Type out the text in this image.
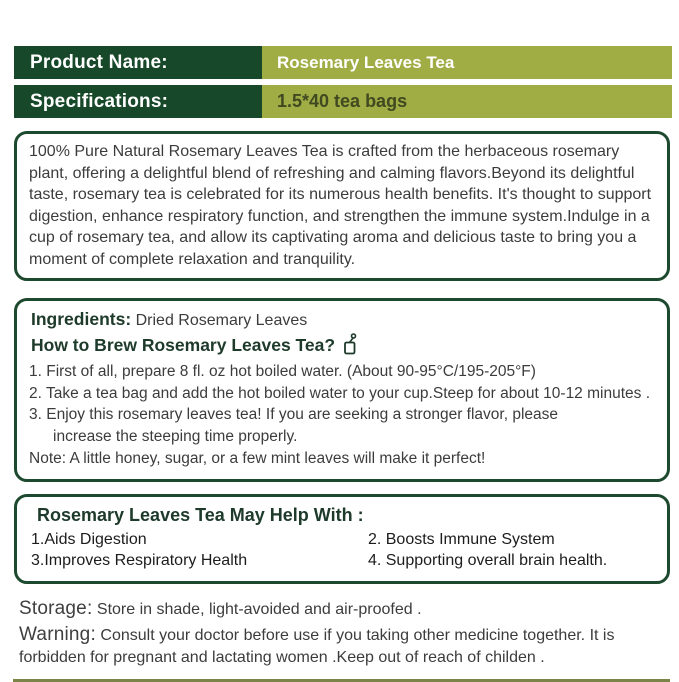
Product Name:	Rosemary Leaves Tea
Specifications:	1.5*40 tea bags

100% Pure Natural Rosemary Leaves Tea is crafted from the herbaceous rosemary plant, offering a delightful blend of refreshing and calming flavors.Beyond its delightful taste, rosemary tea is celebrated for its numerous health benefits. It's thought to support digestion, enhance respiratory function, and strengthen the immune system.Indulge in a cup of rosemary tea, and allow its captivating aroma and delicious taste to bring you a moment of complete relaxation and tranquility.

Ingredients: Dried Rosemary Leaves
How to Brew Rosemary Leaves Tea?
1. First of all, prepare 8 fl. oz hot boiled water. (About 90-95°C/195-205°F)
2. Take a tea bag and add the hot boiled water to your cup.Steep for about 10-12 minutes .
3. Enjoy this rosemary leaves tea! If you are seeking a stronger flavor, please
increase the steeping time properly.
Note: A little honey, sugar, or a few mint leaves will make it perfect!
Rosemary Leaves Tea May Help With :
1.Aids Digestion	2. Boosts Immune System
3.Improves Respiratory Health	4. Supporting overall brain health.

Storage: Store in shade, light-avoided and air-proofed .

Warning: Consult your doctor before use if you taking other medicine together. It is forbidden for pregnant and lactating women .Keep out of reach of childen .
